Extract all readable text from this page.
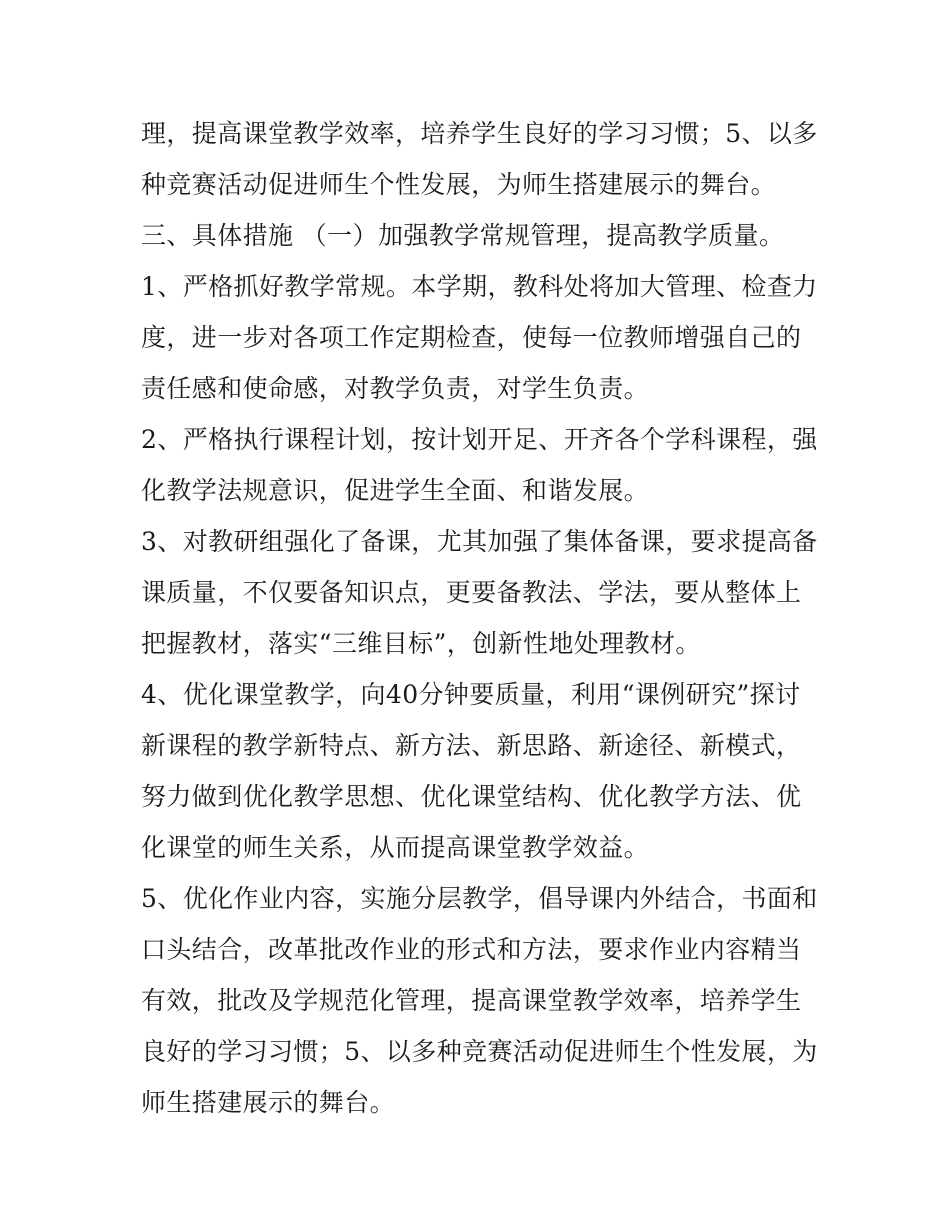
理，提高课堂教学效率，培养学生良好的学习习惯；5、以多种竞赛活动促进师生个性发展，为师生搭建展示的舞台。

三、具体措施 （一）加强教学常规管理，提高教学质量。

1、严格抓好教学常规。本学期，教科处将加大管理、检查力度，进一步对各项工作定期检查，使每一位教师增强自己的责任感和使命感，对教学负责，对学生负责。

2、严格执行课程计划，按计划开足、开齐各个学科课程，强化教学法规意识，促进学生全面、和谐发展。

3、对教研组强化了备课，尤其加强了集体备课，要求提高备课质量，不仅要备知识点，更要备教法、学法，要从整体上把握教材，落实“三维目标”，创新性地处理教材。

4、优化课堂教学，向40分钟要质量，利用“课例研究”探讨新课程的教学新特点、新方法、新思路、新途径、新模式，努力做到优化教学思想、优化课堂结构、优化教学方法、优化课堂的师生关系，从而提高课堂教学效益。

5、优化作业内容，实施分层教学，倡导课内外结合，书面和口头结合，改革批改作业的形式和方法，要求作业内容精当有效，批改及学规范化管理，提高课堂教学效率，培养学生良好的学习习惯；5、以多种竞赛活动促进师生个性发展，为师生搭建展示的舞台。
